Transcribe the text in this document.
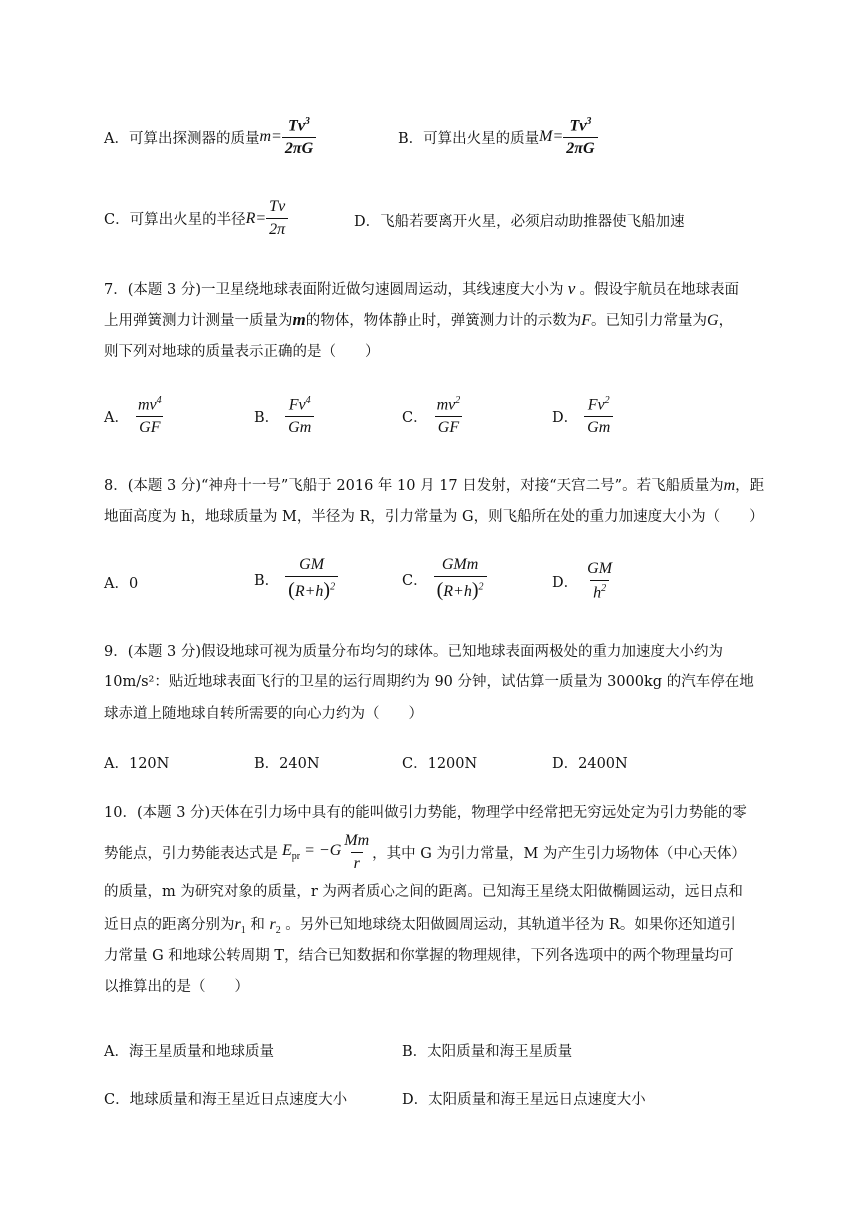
A．可算出探测器的质量 $m= \frac{Tv^3}{2\pi G}$	B．可算出火星的质量 $M= \frac{Tv^3}{2\pi G}$
C．可算出火星的半径 $R= \frac{Tv}{2\pi}$	D．飞船若要离开火星，必须启动助推器使飞船加速
7．(本题 3 分)一卫星绕地球表面附近做匀速圆周运动，其线速度大小为 v 。假设宇航员在地球表面
上用弹簧测力计测量一质量为m的物体，物体静止时，弹簧测力计的示数为F。已知引力常量为G，
则下列对地球的质量表示正确的是（　　）
A． $\frac{mv^4}{GF}$	B． $\frac{Fv^4}{Gm}$	C． $\frac{mv^2}{GF}$	D． $\frac{Fv^2}{Gm}$
8．(本题 3 分)“神舟十一号”飞船于 2016 年 10 月 17 日发射，对接“天宫二号”。若飞船质量为m，距
地面高度为 h，地球质量为 M，半径为 R，引力常量为 G，则飞船所在处的重力加速度大小为（　　）
A．0	B． $\frac{GM}{(R+h)^2}$	C． $\frac{\text{GMm}}{(R+h)^2}$	D． $\frac{GM}{h^2}$
9．(本题 3 分)假设地球可视为质量分布均匀的球体。已知地球表面两极处的重力加速度大小约为
10m/s²：贴近地球表面飞行的卫星的运行周期约为 90 分钟，试估算一质量为 3000kg 的汽车停在地
球赤道上随地球自转所需要的向心力约为（　　）
A．120N	B．240N	C．1200N	D．2400N
10．(本题 3 分)天体在引力场中具有的能叫做引力势能，物理学中经常把无穷远处定为引力势能的零
势能点，引力势能表达式是 $E_{pr} = -G \frac{Mm}{r}$ ，其中 G 为引力常量，M 为产生引力场物体（中心天体）
的质量，m 为研究对象的质量，r 为两者质心之间的距离。已知海王星绕太阳做椭圆运动，远日点和
近日点的距离分别为$r_1$ 和 $r_2$ 。另外已知地球绕太阳做圆周运动，其轨道半径为 R。如果你还知道引
力常量 G 和地球公转周期 T，结合已知数据和你掌握的物理规律，下列各选项中的两个物理量均可
以推算出的是（　　）
A．海王星质量和地球质量	B．太阳质量和海王星质量
C．地球质量和海王星近日点速度大小	D．太阳质量和海王星远日点速度大小
